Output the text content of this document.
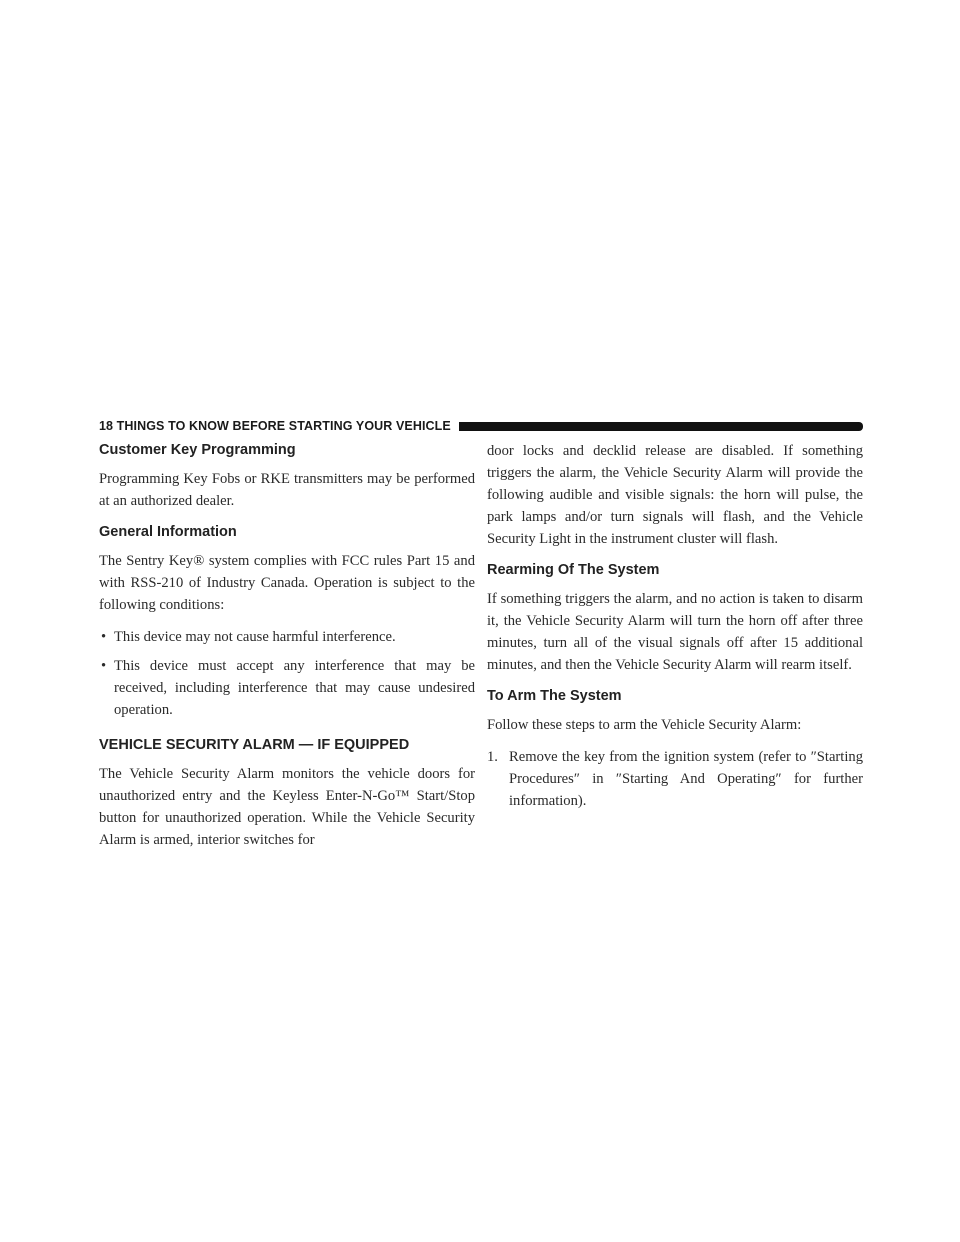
18 THINGS TO KNOW BEFORE STARTING YOUR VEHICLE
Customer Key Programming

Programming Key Fobs or RKE transmitters may be performed at an authorized dealer.

General Information

The Sentry Key® system complies with FCC rules Part 15 and with RSS-210 of Industry Canada. Operation is subject to the following conditions:

• This device may not cause harmful interference.
• This device must accept any interference that may be received, including interference that may cause undesired operation.
VEHICLE SECURITY ALARM — IF EQUIPPED

The Vehicle Security Alarm monitors the vehicle doors for unauthorized entry and the Keyless Enter-N-Go™ Start/Stop button for unauthorized operation. While the Vehicle Security Alarm is armed, interior switches for

door locks and decklid release are disabled. If something triggers the alarm, the Vehicle Security Alarm will provide the following audible and visible signals: the horn will pulse, the park lamps and/or turn signals will flash, and the Vehicle Security Light in the instrument cluster will flash.

Rearming Of The System

If something triggers the alarm, and no action is taken to disarm it, the Vehicle Security Alarm will turn the horn off after three minutes, turn all of the visual signals off after 15 additional minutes, and then the Vehicle Security Alarm will rearm itself.

To Arm The System

Follow these steps to arm the Vehicle Security Alarm:

1. Remove the key from the ignition system (refer to ″Starting Procedures″ in ″Starting And Operating″ for further information).
